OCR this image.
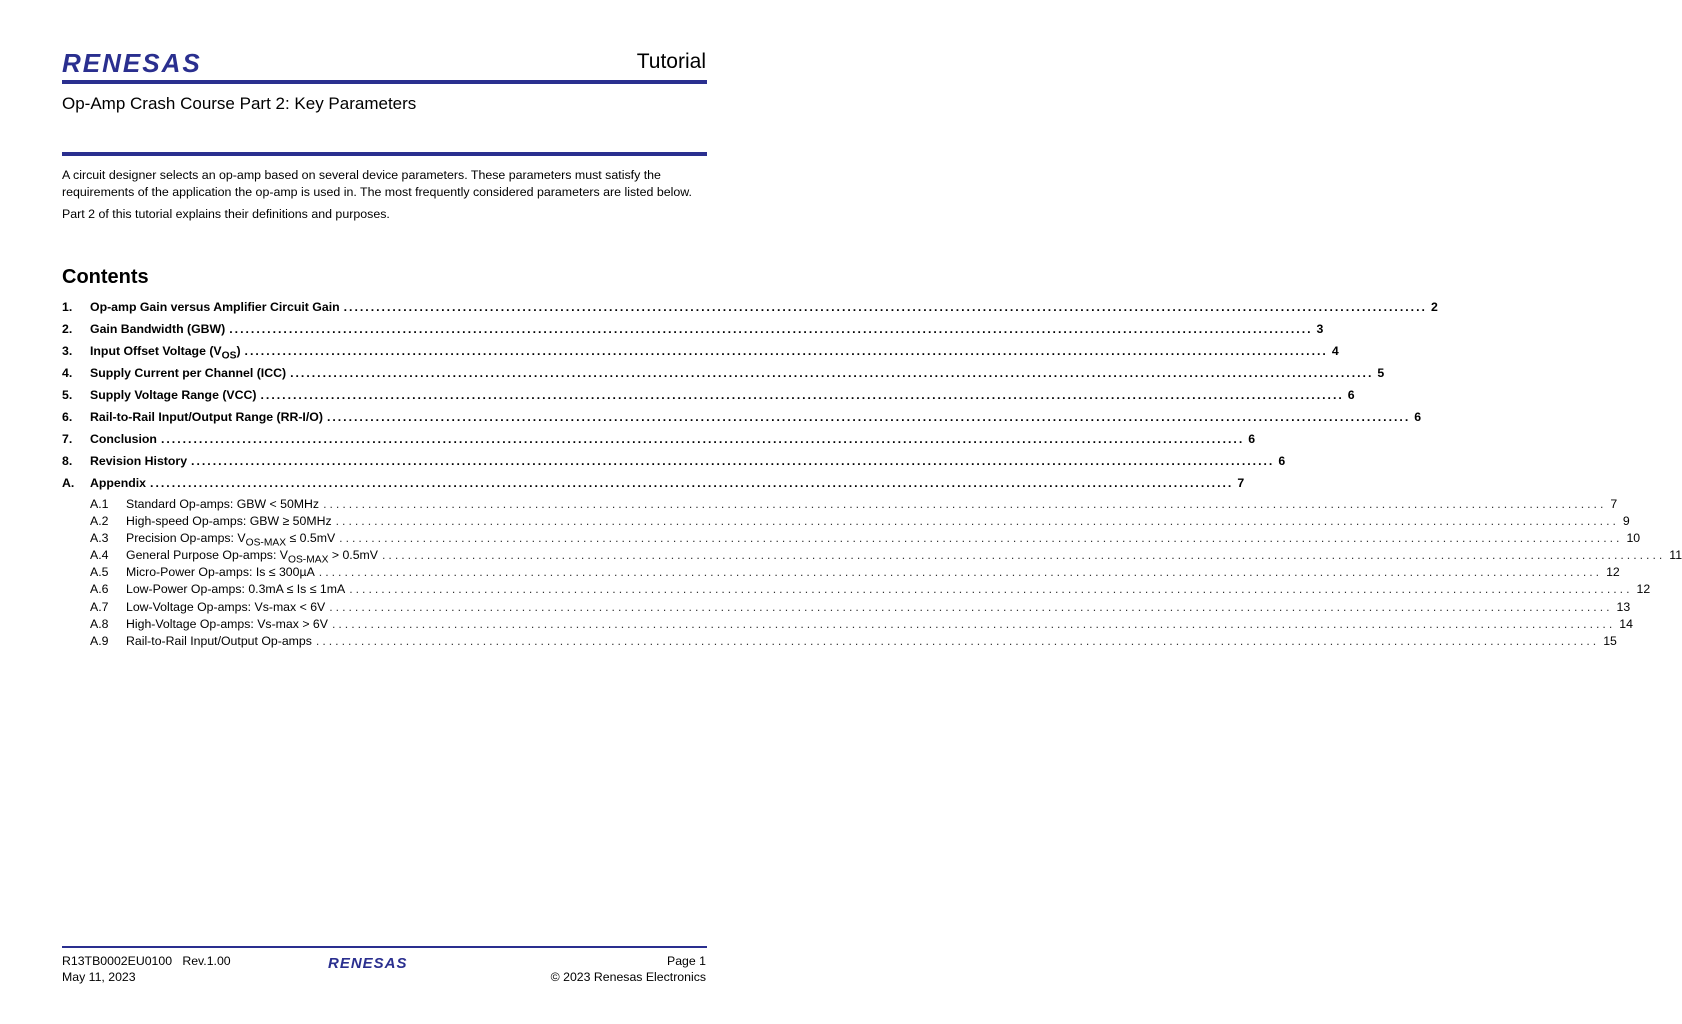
RENESAS	Tutorial
Op-Amp Crash Course Part 2: Key Parameters

A circuit designer selects an op-amp based on several device parameters. These parameters must satisfy the requirements of the application the op-amp is used in. The most frequently considered parameters are listed below.

Part 2 of this tutorial explains their definitions and purposes.

Contents
1.	Op-amp Gain versus Amplifier Circuit Gain ........................................................................................................................................................................................................ 2
2.	Gain Bandwidth (GBW) ........................................................................................................................................................................................................ 3
3.	Input Offset Voltage $(V_{OS})$ ........................................................................................................................................................................................................ 4
4.	Supply Current per Channel (ICC) ........................................................................................................................................................................................................ 5
5.	Supply Voltage Range (VCC) ........................................................................................................................................................................................................ 6
6.	Rail-to-Rail Input/Output Range (RR-I/O) ........................................................................................................................................................................................................ 6
7.	Conclusion ........................................................................................................................................................................................................ 6
8.	Revision History ........................................................................................................................................................................................................ 6
A.	Appendix ........................................................................................................................................................................................................ 7
A.1	Standard Op-amps: GBW < 50MHz ........................................................................................................................................................................................................ 7
A.2	High-speed Op-amps: GBW ≥ 50MHz ........................................................................................................................................................................................................ 9
A.3	Precision Op-amps: $V_{OS-MAX} \le 0.5mV$ ........................................................................................................................................................................................................ 10
A.4	General Purpose Op-amps: $V_{OS-MAX} > 0.5mV$ ........................................................................................................................................................................................................ 11
A.5	Micro-Power Op-amps: Is ≤ 300µA ........................................................................................................................................................................................................ 12
A.6	Low-Power Op-amps: 0.3mA ≤ Is ≤ 1mA ........................................................................................................................................................................................................ 12
A.7	Low-Voltage Op-amps: Vs-max < 6V ........................................................................................................................................................................................................ 13
A.8	High-Voltage Op-amps: Vs-max > 6V ........................................................................................................................................................................................................ 14
A.9	Rail-to-Rail Input/Output Op-amps ........................................................................................................................................................................................................ 15
R13TB0002EU0100 Rev.1.00
May 11, 2023
RENESAS	Page 1
© 2023 Renesas Electronics
